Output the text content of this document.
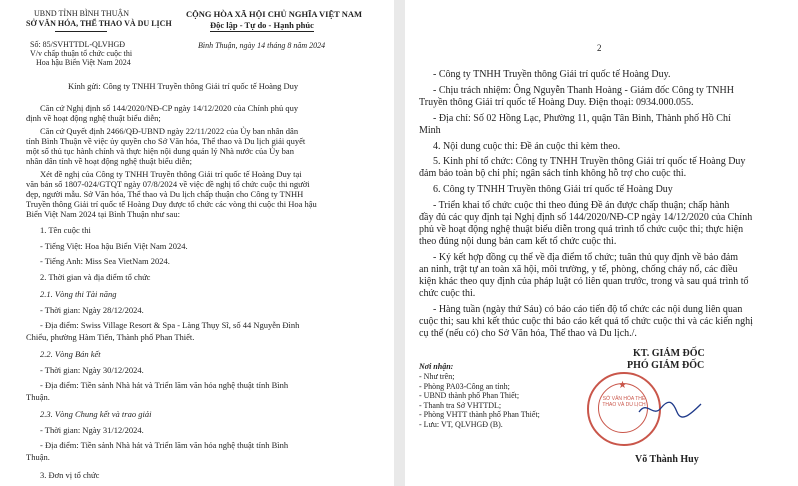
UBND TỈNH BÌNH THUẬN
SỞ VĂN HÓA, THỂ THAO VÀ DU LỊCH
CỘNG HÒA XÃ HỘI CHỦ NGHĨA VIỆT NAM
Độc lập - Tự do - Hạnh phúc
Số: 85/SVHTTDL-QLVHGĐ
V/v chấp thuận tổ chức cuộc thi
Hoa hậu Biển Việt Nam 2024
Bình Thuận, ngày 14 tháng 8 năm 2024
Kính gửi: Công ty TNHH Truyền thông Giải trí quốc tế Hoàng Duy
Căn cứ Nghị định số 144/2020/NĐ-CP ngày 14/12/2020 của Chính phủ quy
định về hoạt động nghệ thuật biểu diễn;
Căn cứ Quyết định 2466/QĐ-UBND ngày 22/11/2022 của Ủy ban nhân dân
tỉnh Bình Thuận về việc ủy quyền cho Sở Văn hóa, Thể thao và Du lịch giải quyết
một số thủ tục hành chính và thực hiện nội dung quản lý Nhà nước của Ủy ban
nhân dân tỉnh về hoạt động nghệ thuật biểu diễn;
Xét đề nghị của Công ty TNHH Truyền thông Giải trí quốc tế Hoàng Duy tại
văn bản số 1807-024/GTQT ngày 07/8/2024 về việc đề nghị tổ chức cuộc thi người
đẹp, người mẫu. Sở Văn hóa, Thể thao và Du lịch chấp thuận cho Công ty TNHH
Truyền thông Giải trí quốc tế Hoàng Duy được tổ chức các vòng thi cuộc thi Hoa hậu
Biển Việt Nam 2024 tại Bình Thuận như sau:
1. Tên cuộc thi
- Tiếng Việt: Hoa hậu Biển Việt Nam 2024.
- Tiếng Anh: Miss Sea VietNam 2024.
2. Thời gian và địa điểm tổ chức
2.1. Vòng thi Tài năng
- Thời gian: Ngày 28/12/2024.
- Địa điểm: Swiss Village Resort & Spa - Làng Thụy Sĩ, số 44 Nguyễn Đình
Chiểu, phường Hàm Tiến, Thành phố Phan Thiết.
2.2. Vòng Bán kết
- Thời gian: Ngày 30/12/2024.
- Địa điểm: Tiền sảnh Nhà hát và Triển lãm văn hóa nghệ thuật tỉnh Bình
Thuận.
2.3. Vòng Chung kết và trao giải
- Thời gian: Ngày 31/12/2024.
- Địa điểm: Tiền sảnh Nhà hát và Triển lãm văn hóa nghệ thuật tỉnh Bình
Thuận.
3. Đơn vị tổ chức
2
- Công ty TNHH Truyền thông Giải trí quốc tế Hoàng Duy.
- Chịu trách nhiệm: Ông Nguyễn Thanh Hoàng - Giám đốc Công ty TNHH
Truyền thông Giải trí quốc tế Hoàng Duy. Điện thoại: 0934.000.055.
- Địa chỉ: Số 02 Hồng Lạc, Phường 11, quận Tân Bình, Thành phố Hồ Chí
Minh
4. Nội dung cuộc thi: Đề án cuộc thi kèm theo.
5. Kinh phí tổ chức: Công ty TNHH Truyền thông Giải trí quốc tế Hoàng Duy
đảm bảo toàn bộ chi phí; ngân sách tỉnh không hỗ trợ cho cuộc thi.
6. Công ty TNHH Truyền thông Giải trí quốc tế Hoàng Duy
- Triển khai tổ chức cuộc thi theo đúng Đề án được chấp thuận; chấp hành
đầy đủ các quy định tại Nghị định số 144/2020/NĐ-CP ngày 14/12/2020 của Chính
phủ về hoạt động nghệ thuật biểu diễn trong quá trình tổ chức cuộc thi; thực hiện
theo đúng nội dung bản cam kết tổ chức cuộc thi.
- Ký kết hợp đồng cụ thể về địa điểm tổ chức; tuân thủ quy định về bảo đảm
an ninh, trật tự an toàn xã hội, môi trường, y tế, phòng, chống cháy nổ, các điều
kiện khác theo quy định của pháp luật có liên quan trước, trong và sau quá trình tổ
chức cuộc thi.
- Hàng tuần (ngày thứ Sáu) có báo cáo tiến độ tổ chức các nội dung liên quan
cuộc thi; sau khi kết thúc cuộc thi báo cáo kết quả tổ chức cuộc thi và các kiến nghị
cụ thể (nếu có) cho Sở Văn hóa, Thể thao và Du lịch./.
Nơi nhận:
- Như trên;
- Phòng PA03-Công an tỉnh;
- UBND thành phố Phan Thiết;
- Thanh tra Sở VHTTDL;
- Phòng VHTT thành phố Phan Thiết;
- Lưu: VT, QLVHGĐ (B).
KT. GIÁM ĐỐC
PHÓ GIÁM ĐỐC
★
SỞ VĂN HÓA THỂ THAO VÀ DU LỊCH
Võ Thành Huy
